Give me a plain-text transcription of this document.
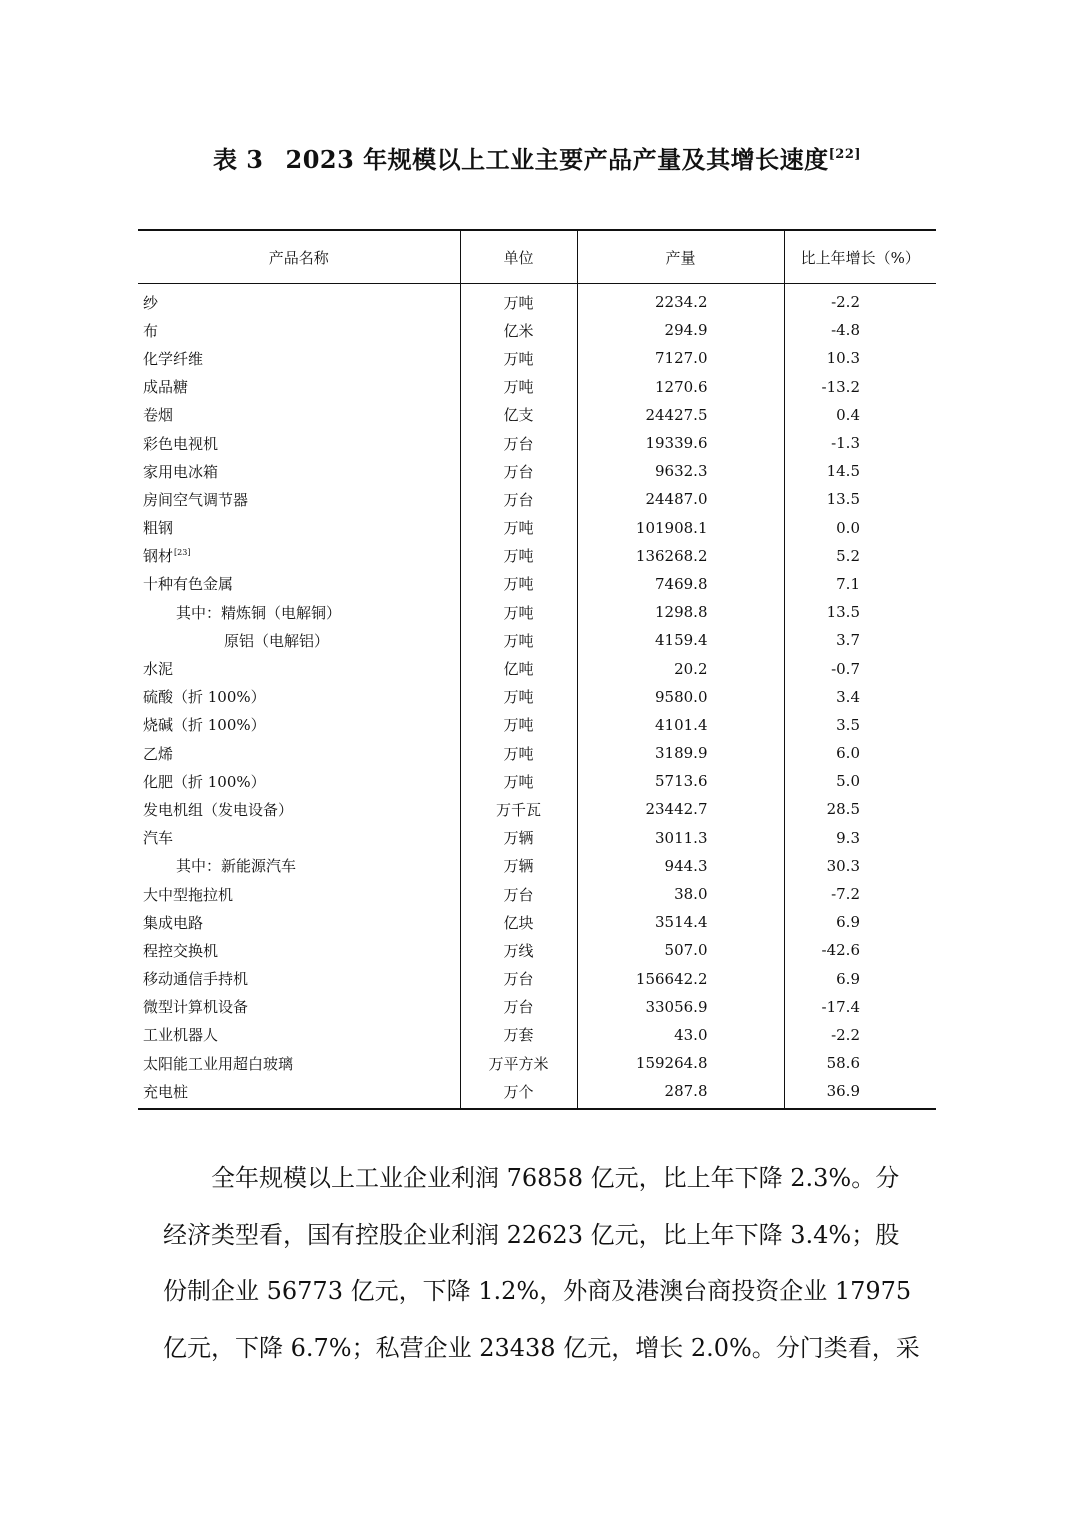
表 3 2023 年规模以上工业主要产品产量及其增长速度[22]
产品名称	单位	产量	比上年增长（%）
纱	万吨	2234.2	-2.2
布	亿米	294.9	-4.8
化学纤维	万吨	7127.0	10.3
成品糖	万吨	1270.6	-13.2
卷烟	亿支	24427.5	0.4
彩色电视机	万台	19339.6	-1.3
家用电冰箱	万台	9632.3	14.5
房间空气调节器	万台	24487.0	13.5
粗钢	万吨	101908.1	0.0
钢材[23]	万吨	136268.2	5.2
十种有色金属	万吨	7469.8	7.1
其中：精炼铜（电解铜）	万吨	1298.8	13.5
原铝（电解铝）	万吨	4159.4	3.7
水泥	亿吨	20.2	-0.7
硫酸（折 100%）	万吨	9580.0	3.4
烧碱（折 100%）	万吨	4101.4	3.5
乙烯	万吨	3189.9	6.0
化肥（折 100%）	万吨	5713.6	5.0
发电机组（发电设备）	万千瓦	23442.7	28.5
汽车	万辆	3011.3	9.3
其中：新能源汽车	万辆	944.3	30.3
大中型拖拉机	万台	38.0	-7.2
集成电路	亿块	3514.4	6.9
程控交换机	万线	507.0	-42.6
移动通信手持机	万台	156642.2	6.9
微型计算机设备	万台	33056.9	-17.4
工业机器人	万套	43.0	-2.2
太阳能工业用超白玻璃	万平方米	159264.8	58.6
充电桩	万个	287.8	36.9
全年规模以上工业企业利润 76858 亿元，比上年下降 2.3%。分
经济类型看，国有控股企业利润 22623 亿元，比上年下降 3.4%；股
份制企业 56773 亿元，下降 1.2%，外商及港澳台商投资企业 17975
亿元，下降 6.7%；私营企业 23438 亿元，增长 2.0%。分门类看，采
